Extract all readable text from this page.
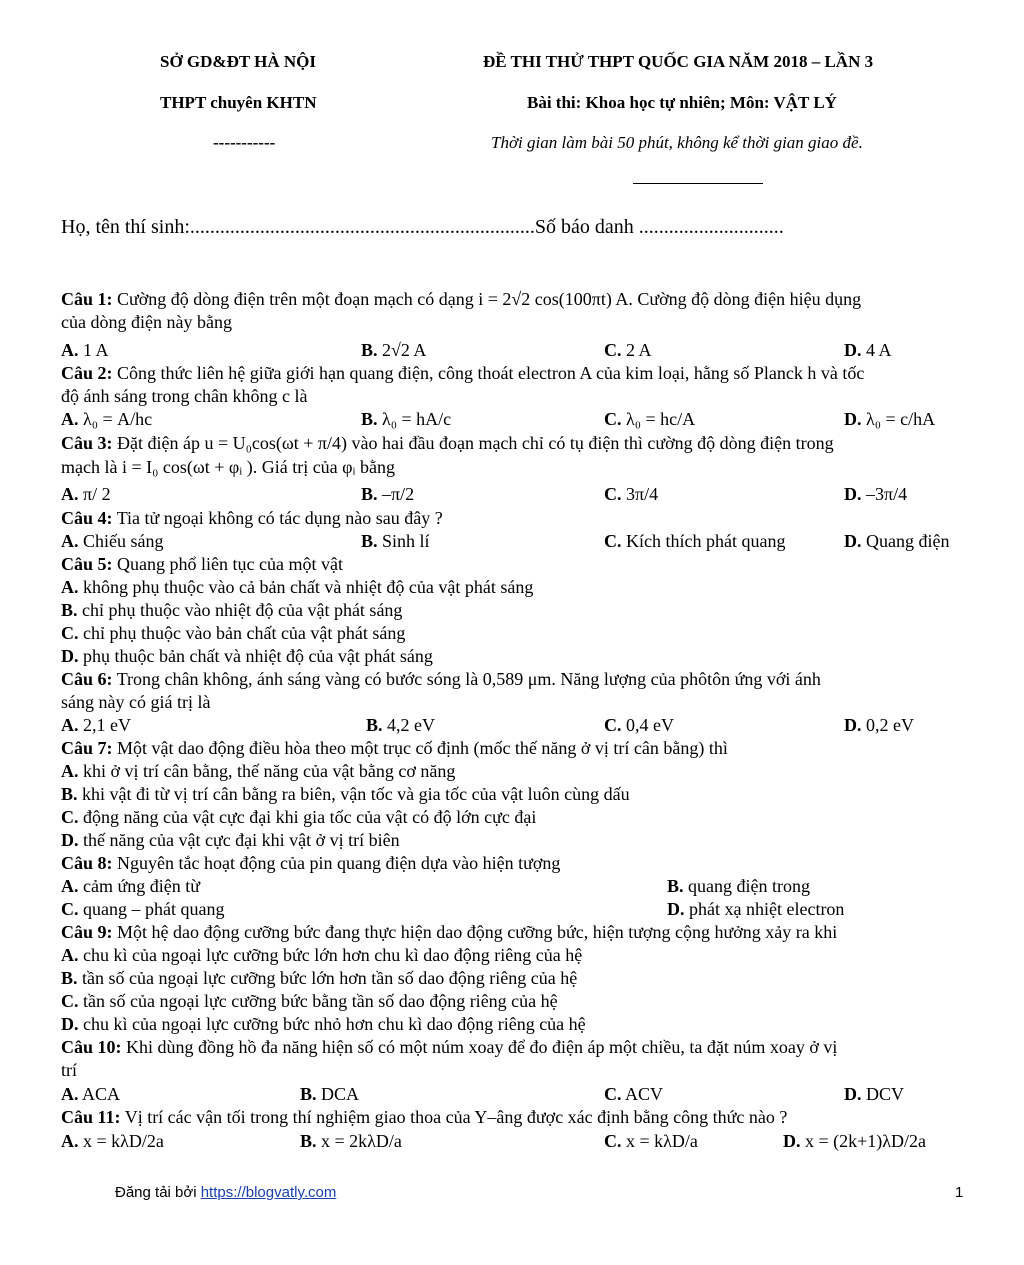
SỞ GD&ĐT HÀ NỘI
THPT chuyên KHTN
-----------
ĐỀ THI THỬ THPT QUỐC GIA NĂM 2018 – LẦN 3
Bài thi: Khoa học tự nhiên; Môn: VẬT LÝ
Thời gian làm bài 50 phút, không kể thời gian giao đề.
Họ, tên thí sinh:.....................................................................Số báo danh .............................
Câu 1: Cường độ dòng điện trên một đoạn mạch có dạng i = 2√2 cos(100πt) A. Cường độ dòng điện hiệu dụng
của dòng điện này bằng
A. 1 A	B. 2√2 A	C. 2 A	D. 4 A
Câu 2: Công thức liên hệ giữa giới hạn quang điện, công thoát electron A của kim loại, hằng số Planck h và tốc
độ ánh sáng trong chân không c là
A. λ₀ = A/hc	B. λ₀ = hA/c	C. λ₀ = hc/A	D. λ₀ = c/hA
Câu 3: Đặt điện áp u = U₀cos(ωt + π/4) vào hai đầu đoạn mạch chỉ có tụ điện thì cường độ dòng điện trong
mạch là i = I₀ cos(ωt + φᵢ ). Giá trị của φᵢ bằng
A. π/ 2	B. –π/2	C. 3π/4	D. –3π/4
Câu 4: Tia tử ngoại không có tác dụng nào sau đây ?
A. Chiếu sáng	B. Sinh lí	C. Kích thích phát quang	D. Quang điện
Câu 5: Quang phổ liên tục của một vật
A. không phụ thuộc vào cả bản chất và nhiệt độ của vật phát sáng
B. chỉ phụ thuộc vào nhiệt độ của vật phát sáng
C. chỉ phụ thuộc vào bản chất của vật phát sáng
D. phụ thuộc bản chất và nhiệt độ của vật phát sáng
Câu 6: Trong chân không, ánh sáng vàng có bước sóng là 0,589 μm. Năng lượng của phôtôn ứng với ánh
sáng này có giá trị là
A. 2,1 eV	B. 4,2 eV	C. 0,4 eV	D. 0,2 eV
Câu 7: Một vật dao động điều hòa theo một trục cố định (mốc thế năng ở vị trí cân bằng) thì
A. khi ở vị trí cân bằng, thế năng của vật bằng cơ năng
B. khi vật đi từ vị trí cân bằng ra biên, vận tốc và gia tốc của vật luôn cùng dấu
C. động năng của vật cực đại khi gia tốc của vật có độ lớn cực đại
D. thế năng của vật cực đại khi vật ở vị trí biên
Câu 8: Nguyên tắc hoạt động của pin quang điện dựa vào hiện tượng
A. cảm ứng điện từ	B. quang điện trong
C. quang – phát quang	D. phát xạ nhiệt electron
Câu 9: Một hệ dao động cưỡng bức đang thực hiện dao động cưỡng bức, hiện tượng cộng hưởng xảy ra khi
A. chu kì của ngoại lực cưỡng bức lớn hơn chu kì dao động riêng của hệ
B. tần số của ngoại lực cưỡng bức lớn hơn tần số dao động riêng của hệ
C. tần số của ngoại lực cưỡng bức bằng tần số dao động riêng của hệ
D. chu kì của ngoại lực cưỡng bức nhỏ hơn chu kì dao động riêng của hệ
Câu 10: Khi dùng đồng hồ đa năng hiện số có một núm xoay để đo điện áp một chiều, ta đặt núm xoay ở vị
trí
A. ACA	B. DCA	C. ACV	D. DCV
Câu 11: Vị trí các vận tối trong thí nghiệm giao thoa của Y–âng được xác định bằng công thức nào ?
A. x = kλD/2a	B. x = 2kλD/a	C. x = kλD/a	D. x = (2k+1)λD/2a
Đăng tải bởi https://blogvatly.com	1
